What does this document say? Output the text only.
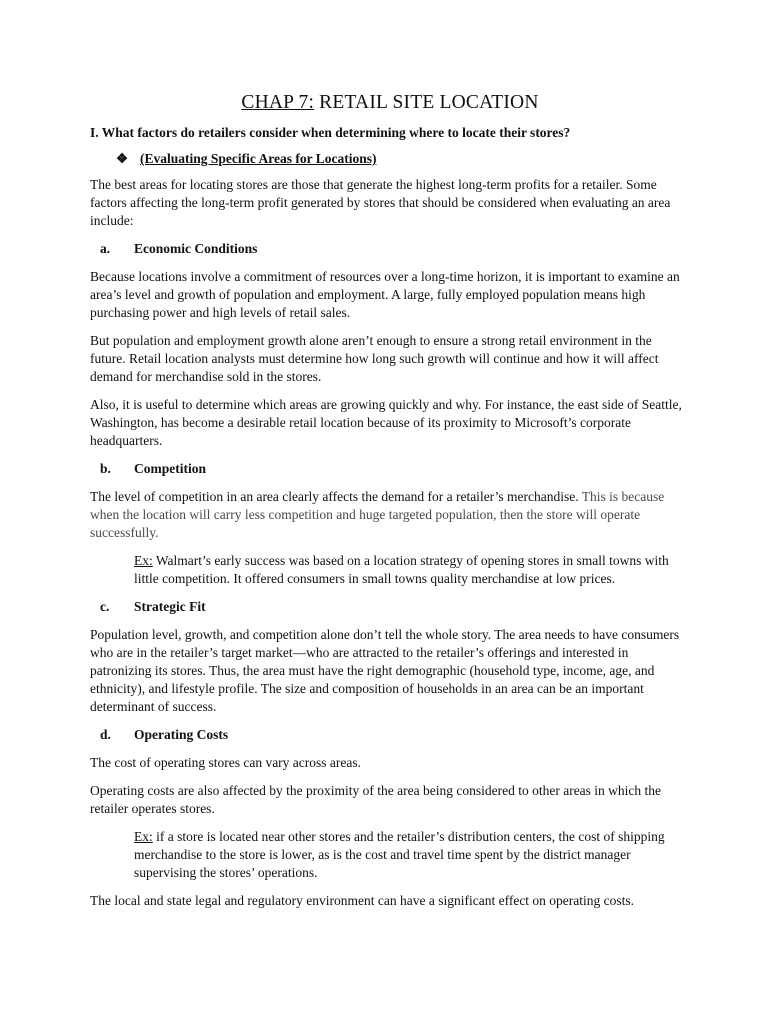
CHAP 7: RETAIL SITE LOCATION
I. What factors do retailers consider when determining where to locate their stores?
❖ (Evaluating Specific Areas for Locations)

The best areas for locating stores are those that generate the highest long-term profits for a retailer. Some factors affecting the long-term profit generated by stores that should be considered when evaluating an area include:

a. Economic Conditions

Because locations involve a commitment of resources over a long-time horizon, it is important to examine an area’s level and growth of population and employment. A large, fully employed population means high purchasing power and high levels of retail sales.

But population and employment growth alone aren’t enough to ensure a strong retail environment in the future. Retail location analysts must determine how long such growth will continue and how it will affect demand for merchandise sold in the stores.

Also, it is useful to determine which areas are growing quickly and why. For instance, the east side of Seattle, Washington, has become a desirable retail location because of its proximity to Microsoft’s corporate headquarters.

b. Competition

The level of competition in an area clearly affects the demand for a retailer’s merchandise. This is because when the location will carry less competition and huge targeted population, then the store will operate successfully.

Ex: Walmart’s early success was based on a location strategy of opening stores in small towns with little competition. It offered consumers in small towns quality merchandise at low prices.
c. Strategic Fit

Population level, growth, and competition alone don’t tell the whole story. The area needs to have consumers who are in the retailer’s target market—who are attracted to the retailer’s offerings and interested in patronizing its stores. Thus, the area must have the right demographic (household type, income, age, and ethnicity), and lifestyle profile. The size and composition of households in an area can be an important determinant of success.

d. Operating Costs

The cost of operating stores can vary across areas.

Operating costs are also affected by the proximity of the area being considered to other areas in which the retailer operates stores.

Ex: if a store is located near other stores and the retailer’s distribution centers, the cost of shipping merchandise to the store is lower, as is the cost and travel time spent by the district manager supervising the stores’ operations.

The local and state legal and regulatory environment can have a significant effect on operating costs.
